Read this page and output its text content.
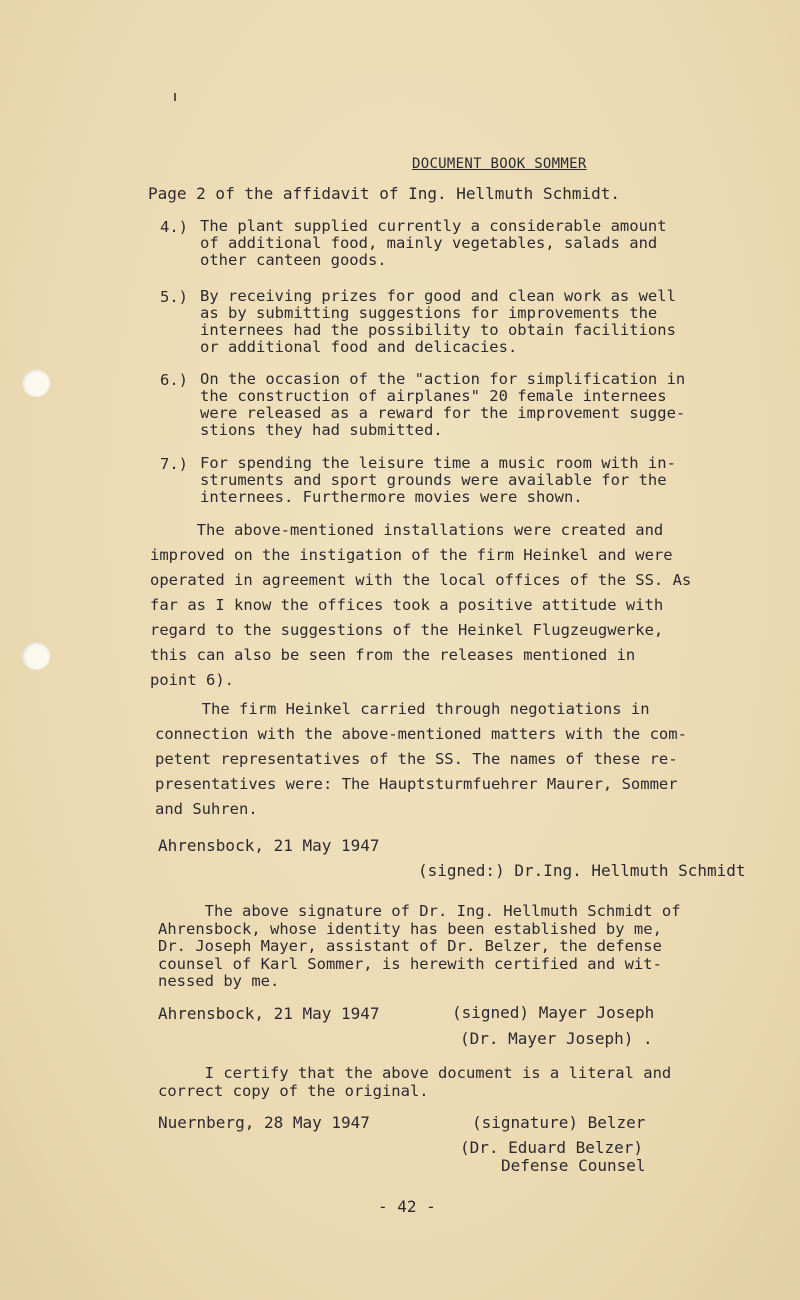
DOCUMENT BOOK SOMMER
Page 2 of the affidavit of Ing. Hellmuth Schmidt.
4.) The plant supplied currently a considerable amount
of additional food, mainly vegetables, salads and
other canteen goods.
5.) By receiving prizes for good and clean work as well
as by submitting suggestions for improvements the
internees had the possibility to obtain facilitions
or additional food and delicacies.
6.) On the occasion of the "action for simplification in
the construction of airplanes" 20 female internees
were released as a reward for the improvement sugge-
stions they had submitted.
7.) For spending the leisure time a music room with in-
struments and sport grounds were available for the
internees. Furthermore movies were shown.
The above-mentioned installations were created and
improved on the instigation of the firm Heinkel and were
operated in agreement with the local offices of the SS. As
far as I know the offices took a positive attitude with
regard to the suggestions of the Heinkel Flugzeugwerke,
this can also be seen from the releases mentioned in
point 6).
The firm Heinkel carried through negotiations in
connection with the above-mentioned matters with the com-
petent representatives of the SS. The names of these re-
presentatives were: The Hauptsturmfuehrer Maurer, Sommer
and Suhren.
Ahrensbock, 21 May 1947
(signed:) Dr.Ing. Hellmuth Schmidt
The above signature of Dr. Ing. Hellmuth Schmidt of
Ahrensbock, whose identity has been established by me,
Dr. Joseph Mayer, assistant of Dr. Belzer, the defense
counsel of Karl Sommer, is herewith certified and wit-
nessed by me.
Ahrensbock, 21 May 1947	(signed) Mayer Joseph
(Dr. Mayer Joseph) .
I certify that the above document is a literal and
correct copy of the original.
Nuernberg, 28 May 1947	(signature) Belzer
(Dr. Eduard Belzer)
Defense Counsel
- 42 -
